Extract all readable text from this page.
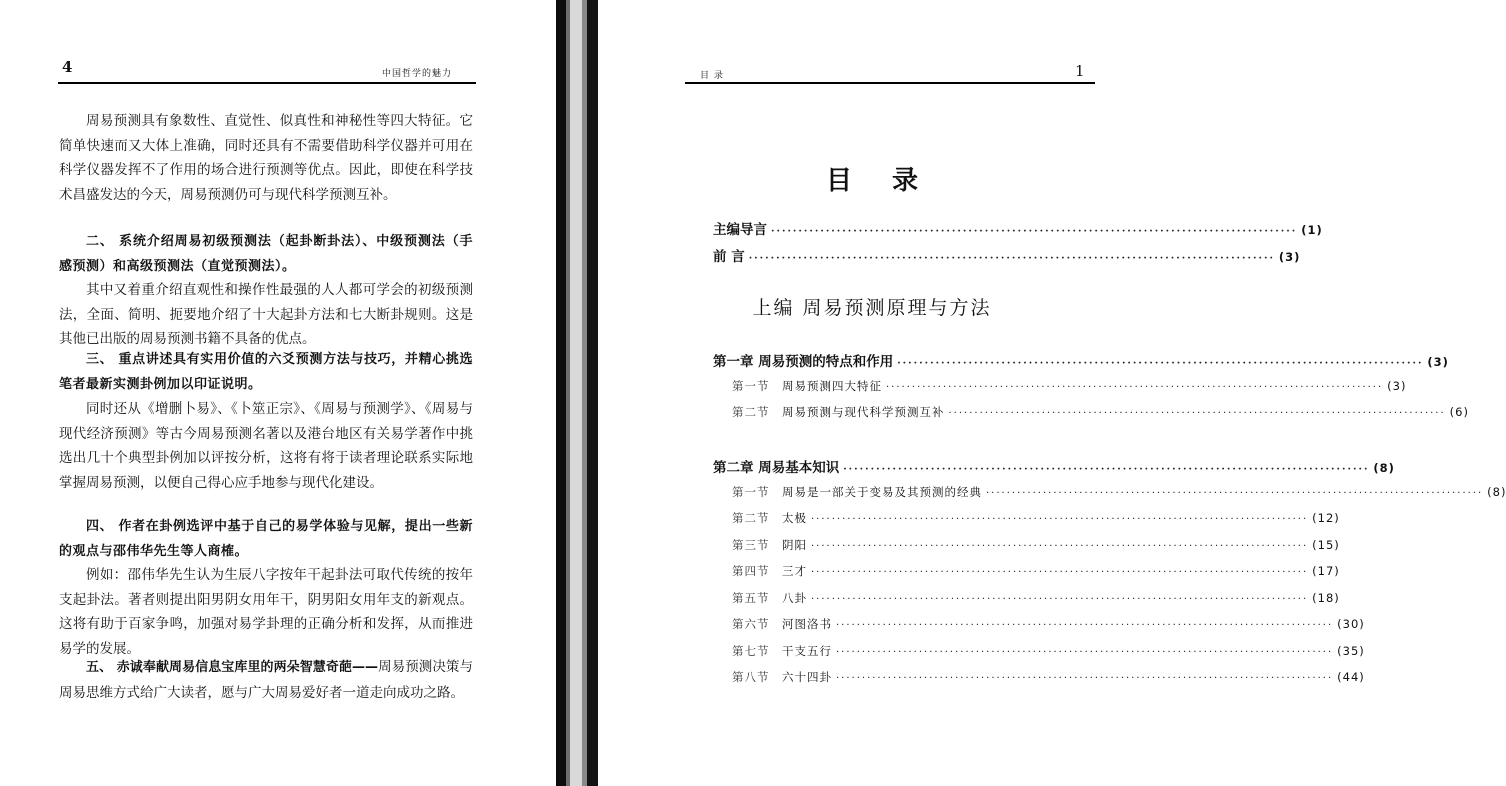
4	中国哲学的魅力

周易预测具有象数性、直觉性、似真性和神秘性等四大特征。它简单快速而又大体上准确，同时还具有不需要借助科学仪器并可用在科学仪器发挥不了作用的场合进行预测等优点。因此，即使在科学技术昌盛发达的今天，周易预测仍可与现代科学预测互补。

二、 系统介绍周易初级预测法（起卦断卦法）、中级预测法（手感预测）和高级预测法（直觉预测法）。

其中又着重介绍直观性和操作性最强的人人都可学会的初级预测法，全面、简明、扼要地介绍了十大起卦方法和七大断卦规则。这是其他已出版的周易预测书籍不具备的优点。

三、 重点讲述具有实用价值的六爻预测方法与技巧，并精心挑选笔者最新实测卦例加以印证说明。

同时还从《增删卜易》、《卜筮正宗》、《周易与预测学》、《周易与现代经济预测》等古今周易预测名著以及港台地区有关易学著作中挑选出几十个典型卦例加以评按分析，这将有将于读者理论联系实际地掌握周易预测，以便自己得心应手地参与现代化建设。

四、 作者在卦例选评中基于自己的易学体验与见解，提出一些新的观点与邵伟华先生等人商榷。

例如：邵伟华先生认为生辰八字按年干起卦法可取代传统的按年支起卦法。著者则提出阳男阴女用年干，阴男阳女用年支的新观点。这将有助于百家争鸣，加强对易学卦理的正确分析和发挥，从而推进易学的发展。

五、 赤诚奉献周易信息宝库里的两朵智慧奇葩——周易预测决策与周易思维方式给广大读者，愿与广大周易爱好者一道走向成功之路。

目 录	1
目录
主编导言 ································································································ (1)
前 言 ································································································ (3)
上编 周易预测原理与方法
第一章 周易预测的特点和作用 ································································································ (3)
第一节 周易预测四大特征 ································································································ (3)
第二节 周易预测与现代科学预测互补 ································································································ (6)
第二章 周易基本知识 ································································································ (8)
第一节 周易是一部关于变易及其预测的经典 ································································································ (8)
第二节 太极 ································································································ (12)
第三节 阴阳 ································································································ (15)
第四节 三才 ································································································ (17)
第五节 八卦 ································································································ (18)
第六节 河图洛书 ································································································ (30)
第七节 干支五行 ································································································ (35)
第八节 六十四卦 ································································································ (44)
